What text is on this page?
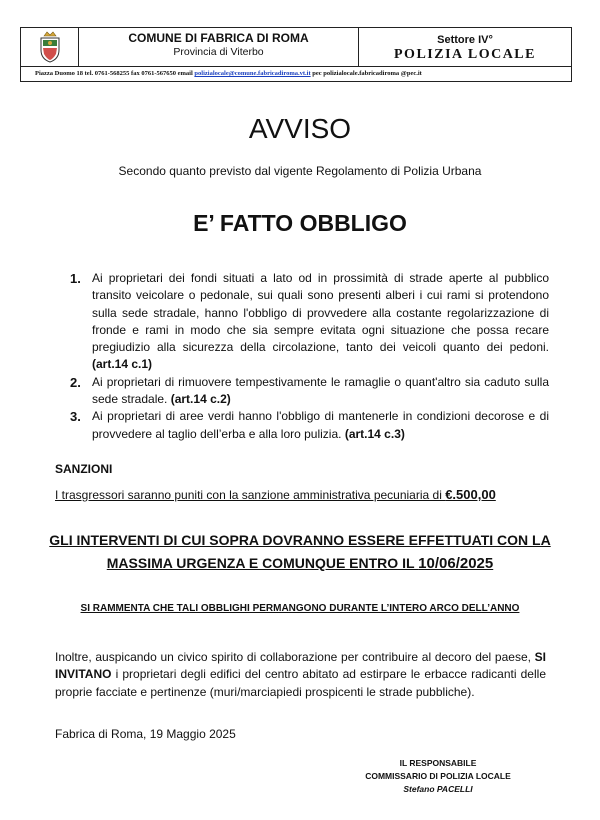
COMUNE DI FABRICA DI ROMA
Provincia di Viterbo
Settore IV°
POLIZIA LOCALE
Piazza Duomo 18 tel. 0761-568255 fax 0761-567650 email polizialocale@comune.fabricadiroma.vt.it pec polizialocale.fabricadiroma @pec.it
AVVISO
Secondo quanto previsto dal vigente Regolamento di Polizia Urbana
E’ FATTO OBBLIGO
1. Ai proprietari dei fondi situati a lato od in prossimità di strade aperte al pubblico transito veicolare o pedonale, sui quali sono presenti alberi i cui rami si protendono sulla sede stradale, hanno l'obbligo di provvedere alla costante regolarizzazione di fronde e rami in modo che sia sempre evitata ogni situazione che possa recare pregiudizio alla sicurezza della circolazione, tanto dei veicoli quanto dei pedoni. (art.14 c.1)
2. Ai proprietari di rimuovere tempestivamente le ramaglie o quant'altro sia caduto sulla sede stradale. (art.14 c.2)
3. Ai proprietari di aree verdi hanno l'obbligo di mantenerle in condizioni decorose e di provvedere al taglio dell’erba e alla loro pulizia. (art.14 c.3)
SANZIONI
I trasgressori saranno puniti con la sanzione amministrativa pecuniaria di €.500,00
GLI INTERVENTI DI CUI SOPRA DOVRANNO ESSERE EFFETTUATI CON LA
MASSIMA URGENZA E COMUNQUE ENTRO IL 10/06/2025
SI RAMMENTA CHE TALI OBBLIGHI PERMANGONO DURANTE L’INTERO ARCO DELL’ANNO
Inoltre, auspicando un civico spirito di collaborazione per contribuire al decoro del paese, SI INVITANO i proprietari degli edifici del centro abitato ad estirpare le erbacce radicanti delle proprie facciate e pertinenze (muri/marciapiedi prospicenti le strade pubbliche).
Fabrica di Roma, 19 Maggio 2025
IL RESPONSABILE
COMMISSARIO DI POLIZIA LOCALE
Stefano PACELLI
